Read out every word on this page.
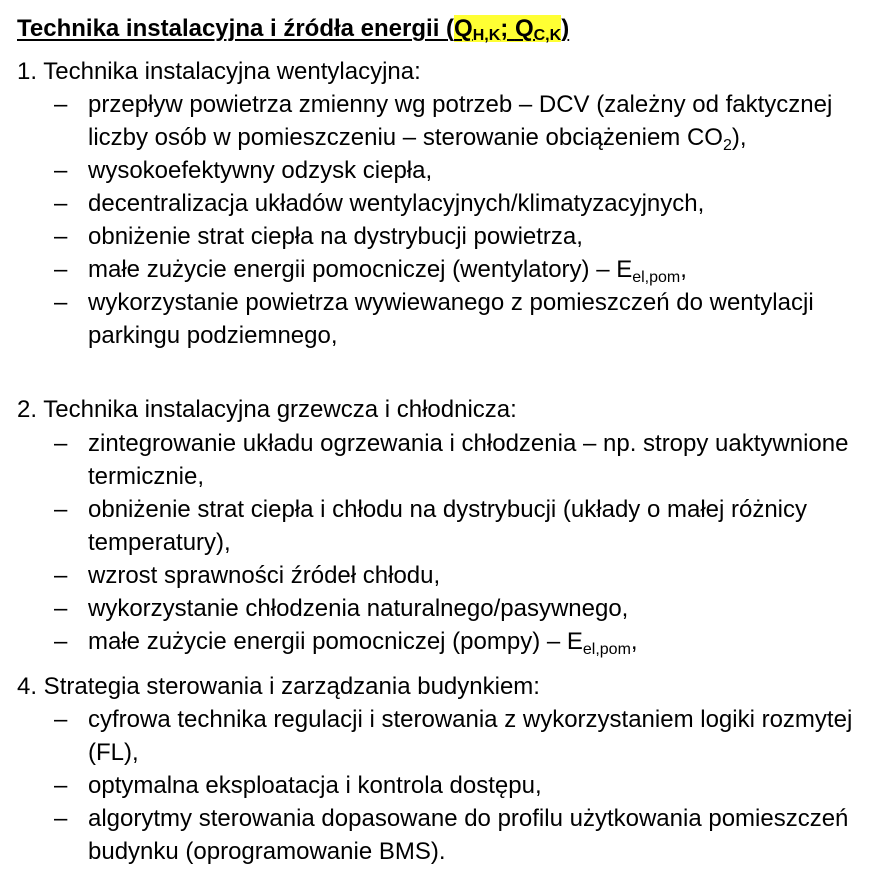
Technika instalacyjna i źródła energii ($Q_{H,K}$; $Q_{C,K}$)
1. Technika instalacyjna wentylacyjna:
– przepływ powietrza zmienny wg potrzeb – DCV (zależny od faktycznej liczby osób w pomieszczeniu – sterowanie obciążeniem $CO_2$),
– wysokoefektywny odzysk ciepła,
– decentralizacja układów wentylacyjnych/klimatyzacyjnych,
– obniżenie strat ciepła na dystrybucji powietrza,
– małe zużycie energii pomocniczej (wentylatory) – $E_{el,pom}$,
– wykorzystanie powietrza wywiewanego z pomieszczeń do wentylacji parkingu podziemnego,
2. Technika instalacyjna grzewcza i chłodnicza:
– zintegrowanie układu ogrzewania i chłodzenia – np. stropy uaktywnione termicznie,
– obniżenie strat ciepła i chłodu na dystrybucji (układy o małej różnicy temperatury),
– wzrost sprawności źródeł chłodu,
– wykorzystanie chłodzenia naturalnego/pasywnego,
– małe zużycie energii pomocniczej (pompy) – $E_{el,pom}$,
4. Strategia sterowania i zarządzania budynkiem:
– cyfrowa technika regulacji i sterowania z wykorzystaniem logiki rozmytej (FL),
– optymalna eksploatacja i kontrola dostępu,
– algorytmy sterowania dopasowane do profilu użytkowania pomieszczeń budynku (oprogramowanie BMS).
